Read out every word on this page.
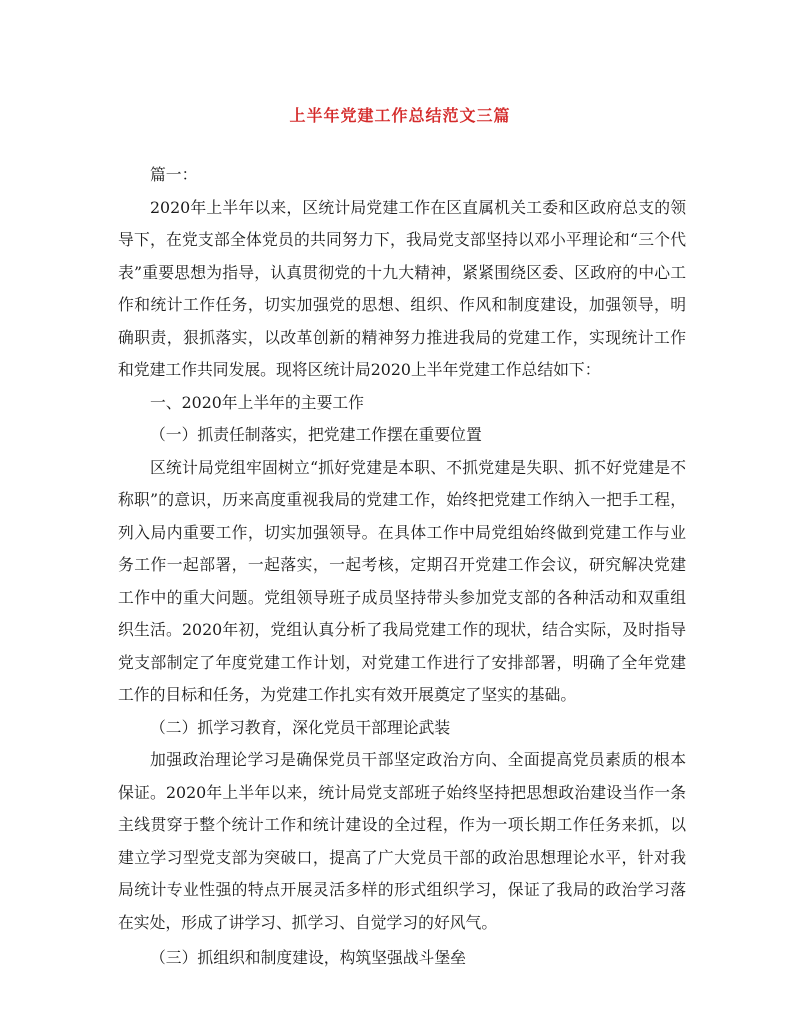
上半年党建工作总结范文三篇

篇一：

2020年上半年以来，区统计局党建工作在区直属机关工委和区政府总支的领导下，在党支部全体党员的共同努力下，我局党支部坚持以邓小平理论和“三个代表”重要思想为指导，认真贯彻党的十九大精神，紧紧围绕区委、区政府的中心工作和统计工作任务，切实加强党的思想、组织、作风和制度建设，加强领导，明确职责，狠抓落实，以改革创新的精神努力推进我局的党建工作，实现统计工作和党建工作共同发展。现将区统计局2020上半年党建工作总结如下：

一、2020年上半年的主要工作

（一）抓责任制落实，把党建工作摆在重要位置

区统计局党组牢固树立“抓好党建是本职、不抓党建是失职、抓不好党建是不称职”的意识，历来高度重视我局的党建工作，始终把党建工作纳入一把手工程，列入局内重要工作，切实加强领导。在具体工作中局党组始终做到党建工作与业务工作一起部署，一起落实，一起考核，定期召开党建工作会议，研究解决党建工作中的重大问题。党组领导班子成员坚持带头参加党支部的各种活动和双重组织生活。2020年初，党组认真分析了我局党建工作的现状，结合实际，及时指导党支部制定了年度党建工作计划，对党建工作进行了安排部署，明确了全年党建工作的目标和任务，为党建工作扎实有效开展奠定了坚实的基础。

（二）抓学习教育，深化党员干部理论武装

加强政治理论学习是确保党员干部坚定政治方向、全面提高党员素质的根本保证。2020年上半年以来，统计局党支部班子始终坚持把思想政治建设当作一条主线贯穿于整个统计工作和统计建设的全过程，作为一项长期工作任务来抓，以建立学习型党支部为突破口，提高了广大党员干部的政治思想理论水平，针对我局统计专业性强的特点开展灵活多样的形式组织学习，保证了我局的政治学习落在实处，形成了讲学习、抓学习、自觉学习的好风气。

（三）抓组织和制度建设，构筑坚强战斗堡垒
